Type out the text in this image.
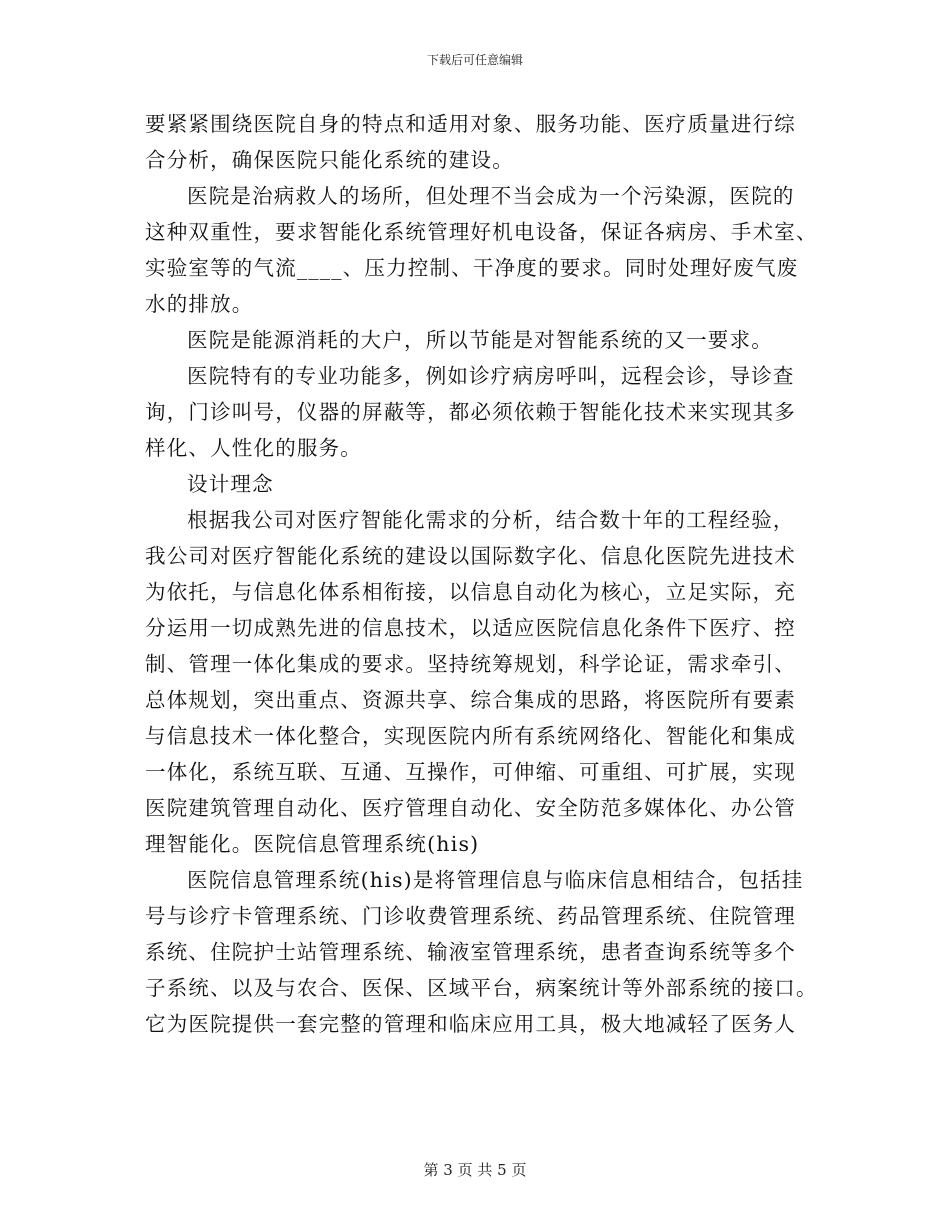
下载后可任意编辑
要紧紧围绕医院自身的特点和适用对象、服务功能、医疗质量进行综
合分析，确保医院只能化系统的建设。
医院是治病救人的场所，但处理不当会成为一个污染源，医院的
这种双重性，要求智能化系统管理好机电设备，保证各病房、手术室、
实验室等的气流____、压力控制、干净度的要求。同时处理好废气废
水的排放。
医院是能源消耗的大户，所以节能是对智能系统的又一要求。
医院特有的专业功能多，例如诊疗病房呼叫，远程会诊，导诊查
询，门诊叫号，仪器的屏蔽等，都必须依赖于智能化技术来实现其多
样化、人性化的服务。
设计理念
根据我公司对医疗智能化需求的分析，结合数十年的工程经验，
我公司对医疗智能化系统的建设以国际数字化、信息化医院先进技术
为依托，与信息化体系相衔接，以信息自动化为核心，立足实际，充
分运用一切成熟先进的信息技术，以适应医院信息化条件下医疗、控
制、管理一体化集成的要求。坚持统筹规划，科学论证，需求牵引、
总体规划，突出重点、资源共享、综合集成的思路，将医院所有要素
与信息技术一体化整合，实现医院内所有系统网络化、智能化和集成
一体化，系统互联、互通、互操作，可伸缩、可重组、可扩展，实现
医院建筑管理自动化、医疗管理自动化、安全防范多媒体化、办公管
理智能化。医院信息管理系统(his)
医院信息管理系统(his)是将管理信息与临床信息相结合，包括挂
号与诊疗卡管理系统、门诊收费管理系统、药品管理系统、住院管理
系统、住院护士站管理系统、输液室管理系统，患者查询系统等多个
子系统、以及与农合、医保、区域平台，病案统计等外部系统的接口。
它为医院提供一套完整的管理和临床应用工具，极大地减轻了医务人
第 3 页 共 5 页
